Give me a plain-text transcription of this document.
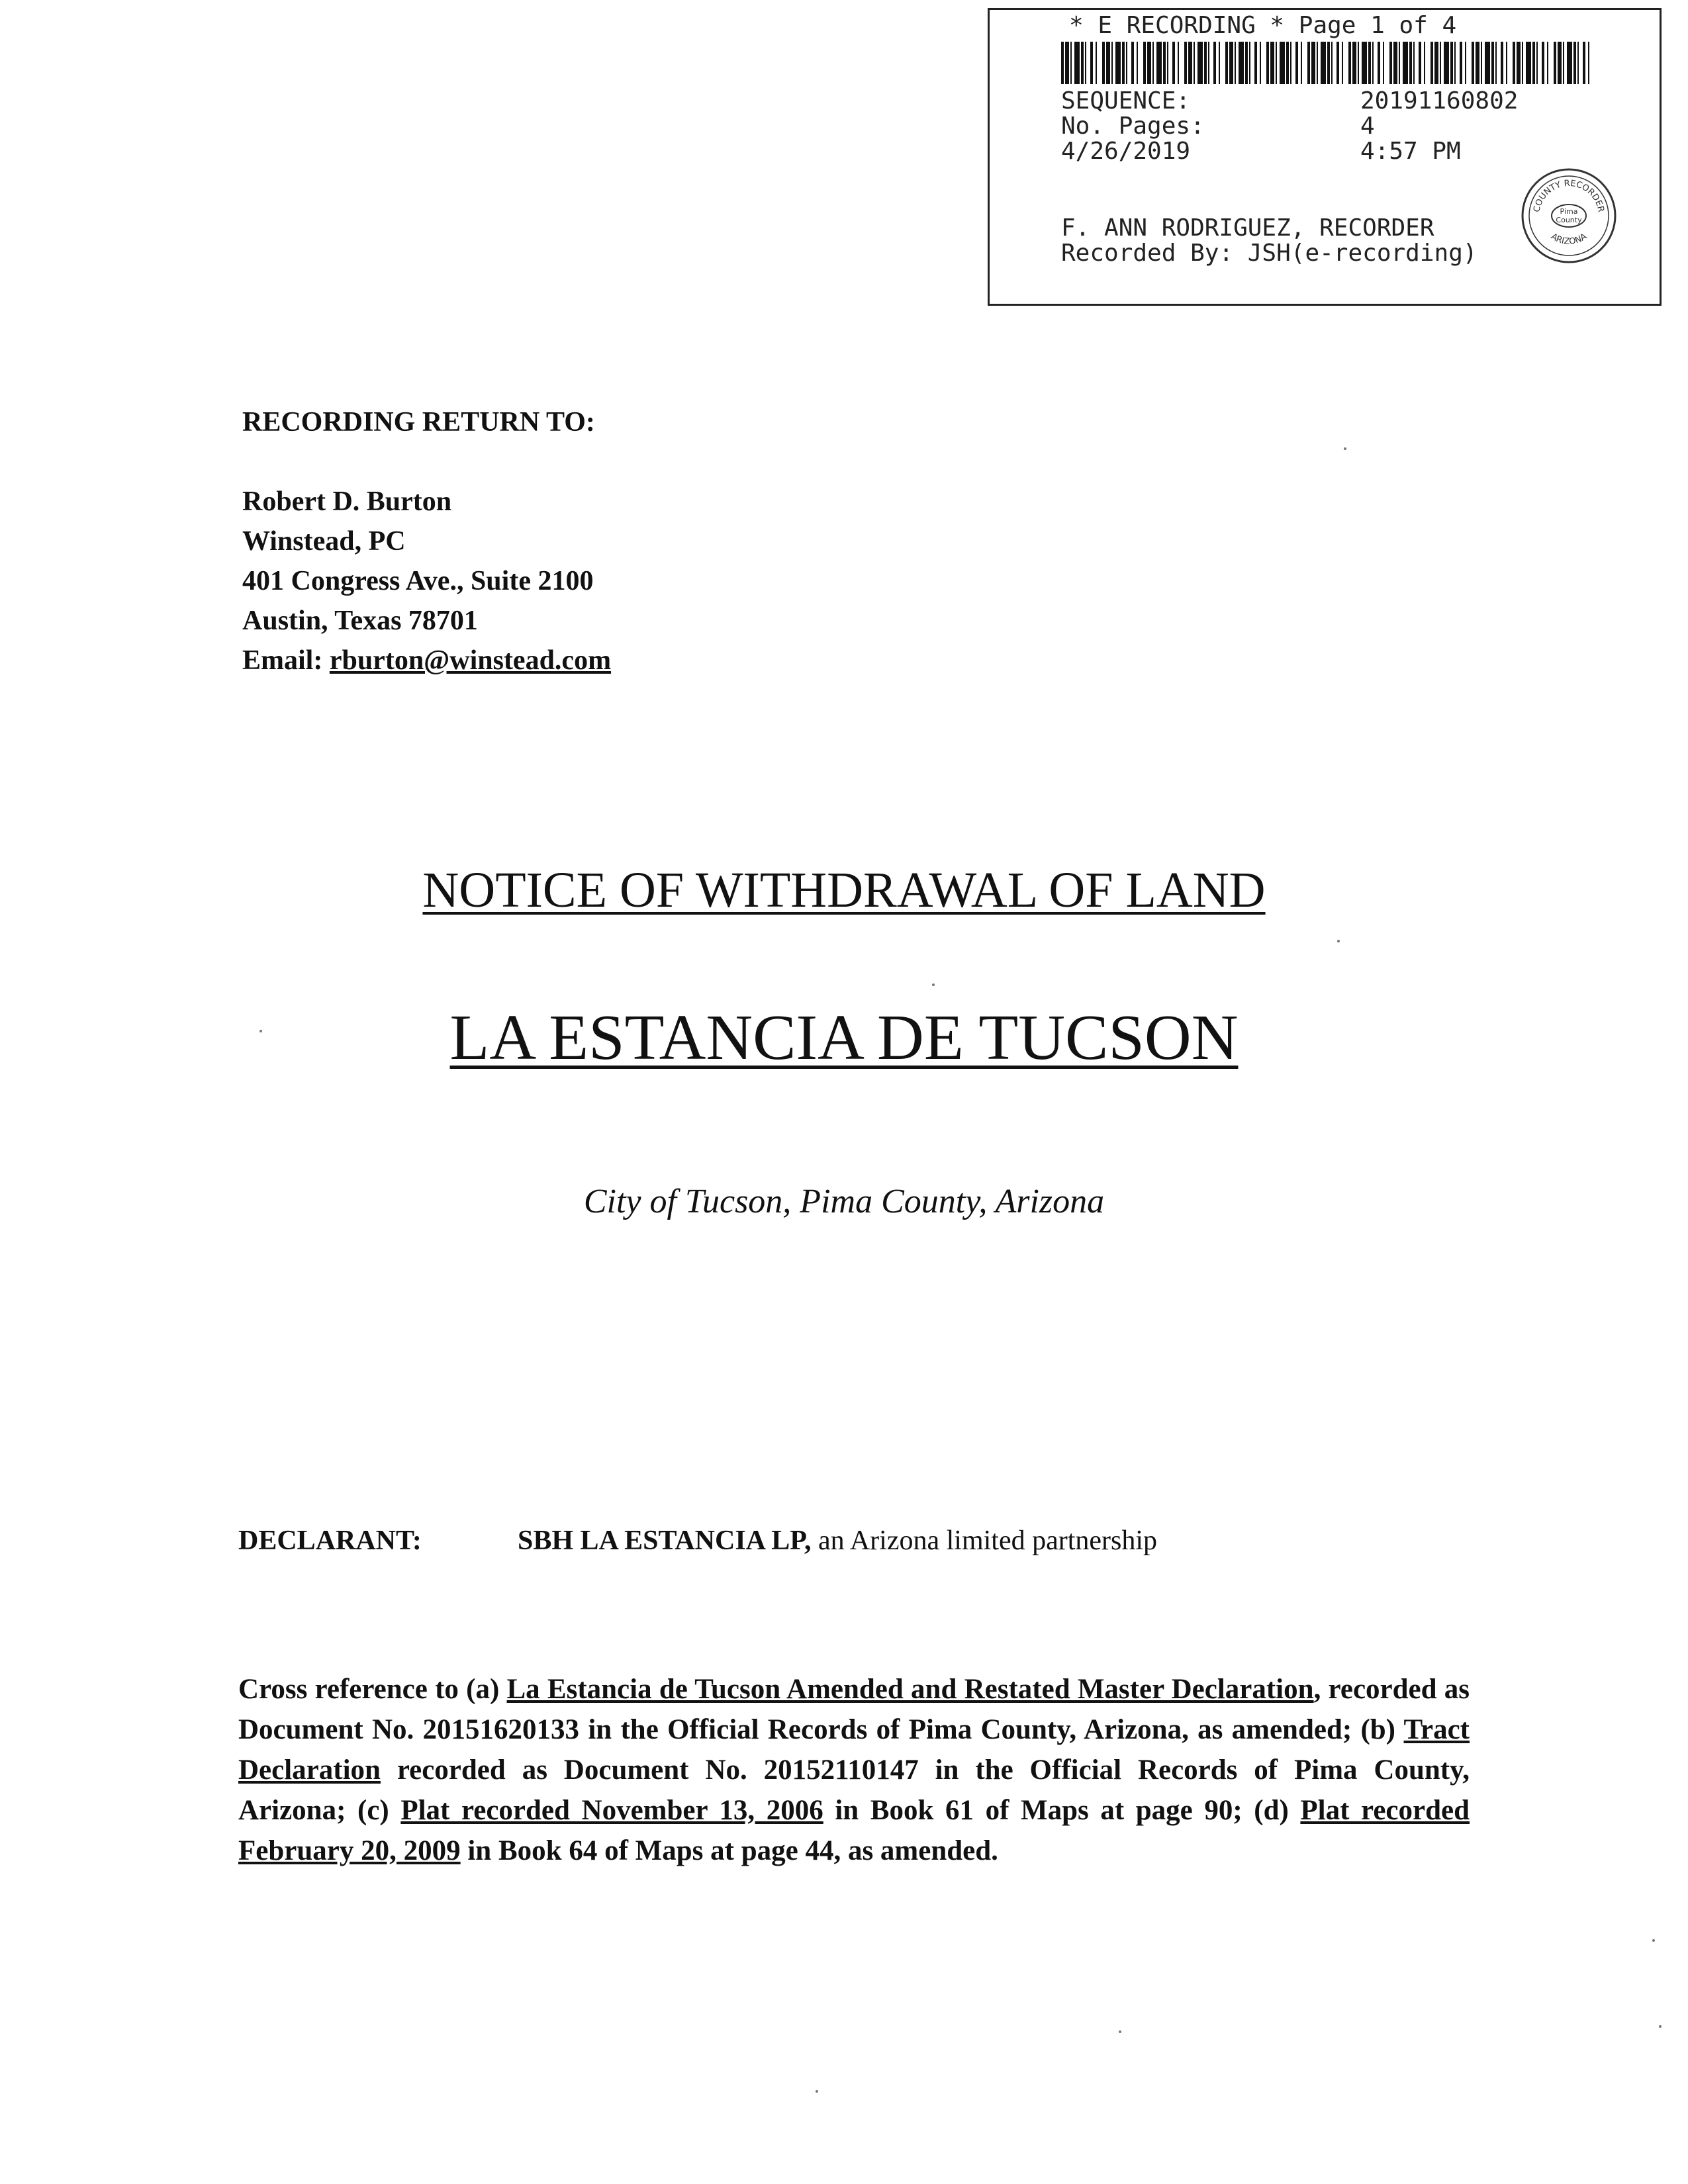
* E RECORDING * Page 1 of 4
SEQUENCE:	20191160802
No. Pages:	4
4/26/2019	4:57 PM
F. ANN RODRIGUEZ, RECORDER
Recorded By: JSH(e-recording)
COUNTY RECORDER
ARIZONA
Pima
County
RECORDING RETURN TO:
Robert D. Burton
Winstead, PC
401 Congress Ave., Suite 2100
Austin, Texas 78701
Email: rburton@winstead.com
NOTICE OF WITHDRAWAL OF LAND
LA ESTANCIA DE TUCSON
City of Tucson, Pima County, Arizona
DECLARANT:	SBH LA ESTANCIA LP, an Arizona limited partnership
Cross reference to (a) La Estancia de Tucson Amended and Restated Master Declaration, recorded as Document No. 20151620133 in the Official Records of Pima County, Arizona, as amended; (b) Tract Declaration recorded as Document No. 20152110147 in the Official Records of Pima County, Arizona; (c) Plat recorded November 13, 2006 in Book 61 of Maps at page 90; (d) Plat recorded February 20, 2009 in Book 64 of Maps at page 44, as amended.
